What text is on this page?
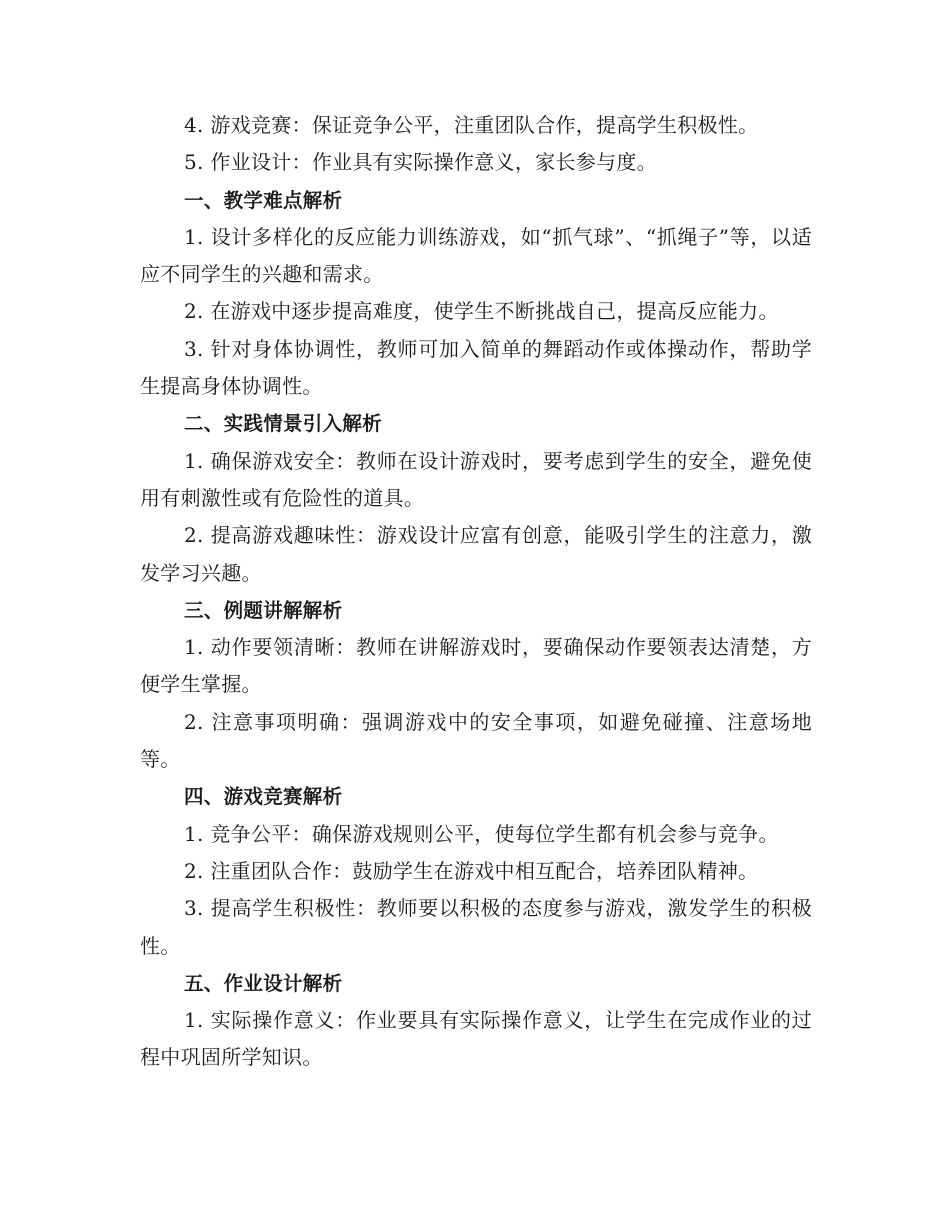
4. 游戏竞赛：保证竞争公平，注重团队合作，提高学生积极性。

5. 作业设计：作业具有实际操作意义，家长参与度。

一、教学难点解析

1. 设计多样化的反应能力训练游戏，如“抓气球”、“抓绳子”等，以适应不同学生的兴趣和需求。

2. 在游戏中逐步提高难度，使学生不断挑战自己，提高反应能力。

3. 针对身体协调性，教师可加入简单的舞蹈动作或体操动作，帮助学生提高身体协调性。

二、实践情景引入解析

1. 确保游戏安全：教师在设计游戏时，要考虑到学生的安全，避免使用有刺激性或有危险性的道具。

2. 提高游戏趣味性：游戏设计应富有创意，能吸引学生的注意力，激发学习兴趣。

三、例题讲解解析

1. 动作要领清晰：教师在讲解游戏时，要确保动作要领表达清楚，方便学生掌握。

2. 注意事项明确：强调游戏中的安全事项，如避免碰撞、注意场地等。

四、游戏竞赛解析

1. 竞争公平：确保游戏规则公平，使每位学生都有机会参与竞争。

2. 注重团队合作：鼓励学生在游戏中相互配合，培养团队精神。

3. 提高学生积极性：教师要以积极的态度参与游戏，激发学生的积极性。

五、作业设计解析

1. 实际操作意义：作业要具有实际操作意义，让学生在完成作业的过程中巩固所学知识。
